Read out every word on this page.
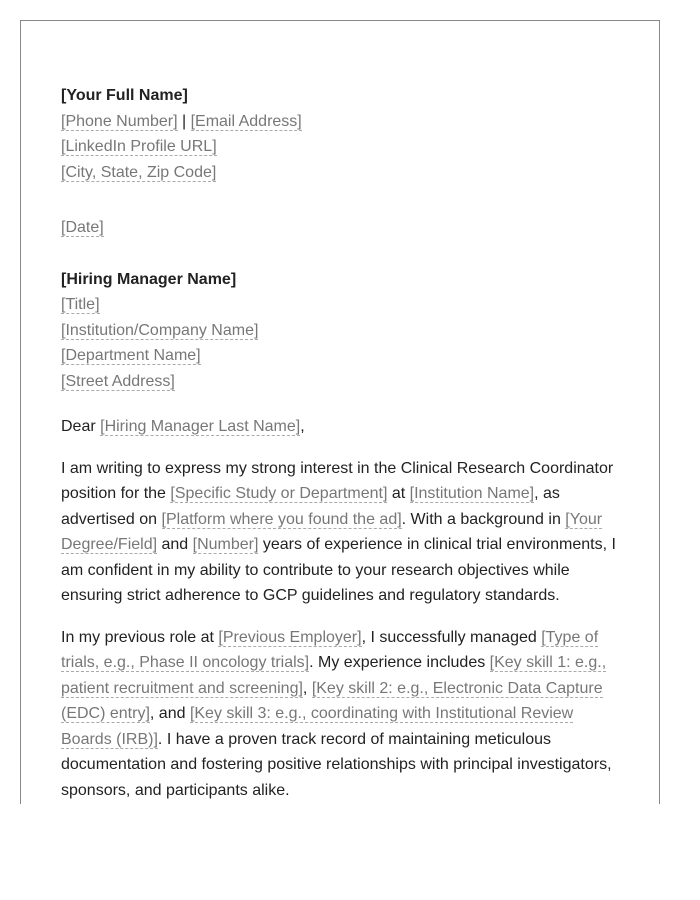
[Your Full Name]
[Phone Number] | [Email Address]
[LinkedIn Profile URL]
[City, State, Zip Code]
[Date]
[Hiring Manager Name]
[Title]
[Institution/Company Name]
[Department Name]
[Street Address]

Dear [Hiring Manager Last Name],

I am writing to express my strong interest in the Clinical Research Coordinator position for the [Specific Study or Department] at [Institution Name], as advertised on [Platform where you found the ad]. With a background in [Your Degree/Field] and [Number] years of experience in clinical trial environments, I am confident in my ability to contribute to your research objectives while ensuring strict adherence to GCP guidelines and regulatory standards.

In my previous role at [Previous Employer], I successfully managed [Type of trials, e.g., Phase II oncology trials]. My experience includes [Key skill 1: e.g., patient recruitment and screening], [Key skill 2: e.g., Electronic Data Capture (EDC) entry], and [Key skill 3: e.g., coordinating with Institutional Review Boards (IRB)]. I have a proven track record of maintaining meticulous documentation and fostering positive relationships with principal investigators, sponsors, and participants alike.
